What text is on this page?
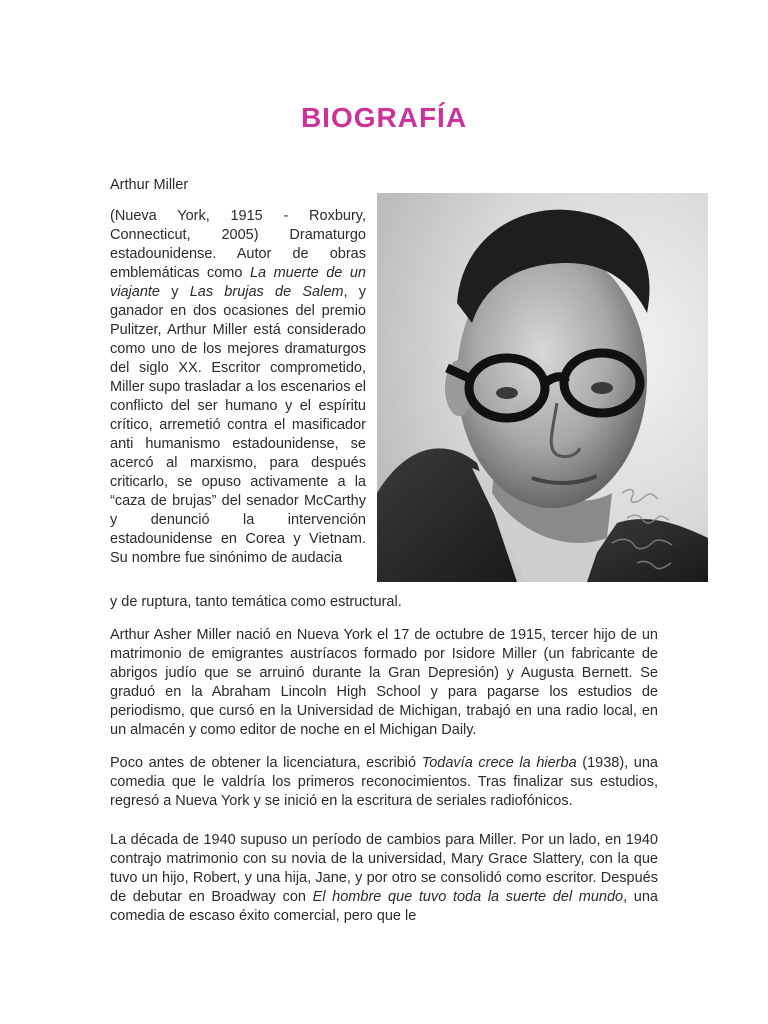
BIOGRAFÍA
Arthur Miller

(Nueva York, 1915 - Roxbury, Connecticut, 2005) Dramaturgo estadounidense. Autor de obras emblemáticas como La muerte de un viajante y Las brujas de Salem, y ganador en dos ocasiones del premio Pulitzer, Arthur Miller está considerado como uno de los mejores dramaturgos del siglo XX. Escritor comprometido, Miller supo trasladar a los escenarios el conflicto del ser humano y el espíritu crítico, arremetió contra el masificador anti humanismo estadounidense, se acercó al marxismo, para después criticarlo, se opuso activamente a la “caza de brujas” del senador McCarthy y denunció la intervención estadounidense en Corea y Vietnam. Su nombre fue sinónimo de audacia

y de ruptura, tanto temática como estructural.

Arthur Asher Miller nació en Nueva York el 17 de octubre de 1915, tercer hijo de un matrimonio de emigrantes austríacos formado por Isidore Miller (un fabricante de abrigos judío que se arruinó durante la Gran Depresión) y Augusta Bernett. Se graduó en la Abraham Lincoln High School y para pagarse los estudios de periodismo, que cursó en la Universidad de Michigan, trabajó en una radio local, en un almacén y como editor de noche en el Michigan Daily.

Poco antes de obtener la licenciatura, escribió Todavía crece la hierba (1938), una comedia que le valdría los primeros reconocimientos. Tras finalizar sus estudios, regresó a Nueva York y se inició en la escritura de seriales radiofónicos.

La década de 1940 supuso un período de cambios para Miller. Por un lado, en 1940 contrajo matrimonio con su novia de la universidad, Mary Grace Slattery, con la que tuvo un hijo, Robert, y una hija, Jane, y por otro se consolidó como escritor. Después de debutar en Broadway con El hombre que tuvo toda la suerte del mundo, una comedia de escaso éxito comercial, pero que le
